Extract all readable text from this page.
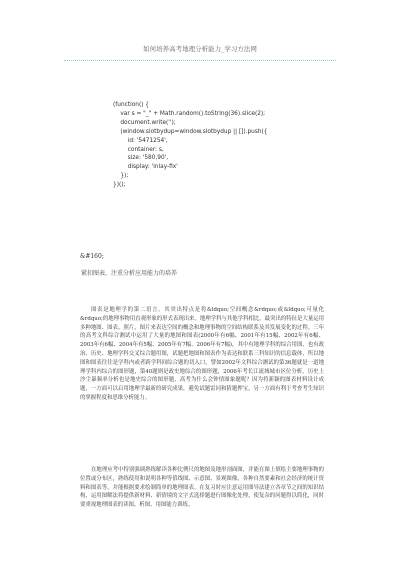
如何培养高考地理分析能力_学习方法网
(function() {
var s = "_" + Math.random().toString(36).slice(2);
document.write('');
(window.slotbydup=window.slotbydup || []).push({
id: '5471254',
container: s,
size: '580,90',
display: 'inlay-fix'
});
})();
&#160;
紧扣图表，注重分析应用能力的培养
图表是地理学的第二语言，其突出特点是将&ldquo;空间概念&rdquo;或&ldquo;可量化&rdquo;的地理事物用直观形象的形式表现出来。地理学科与其他学科相比，最突出的特征是大量运用多种地图、图表、照片，图片来表达空间的概念和地理事物的空间结构联系及其发展变化的过程。三年的高考文科综合测试中运用了大量的地图和图表(2000年有6幅、2001年有15幅、2002年有6幅、2003年有6幅、2004年有5幅、2005年有7幅、2006年有7幅)，其中有地理学科的综合用图，也有政治、历史、地理学科交叉综合题用图，试题把地图和图表作为表达和联系三科知识的信息载体，所以地图和图表往往是学科内或者跨学科间综合题的切入口，譬如2002年文科综合测试的第36题就是一道地理学科内综合的图形题，第40题则是政史地综合的图形题，2006年考长江流域城市区位分析，历史上沙尘暴频率分析也是地史综合的图形题，高考为什么会钟情图象题呢？因为将新颖的图表材料设计成题，一方面可以启用地理学最新的研究成果，避免试题雷同和猜题押宝，另一方面有利于考查考生知识的掌握程度和思维分析能力。
在地理应考中特别强调熟练解读各种比例尺的地图及地形剖面图，并能在图上填绘主要地理事物的位置或分布区，熟练使用和说明各种等值线图、示意图、景观图像，各种自然要素和社会经济的统计资料和图表等，并能根据要求绘制简单的地理图表。在复习时应注意运用图导法建立各章节之间的知识结构，运用图解法将提供新材料、新情境的文字式选择题进行图像化处理，使复杂的问题得以简化，同时要重视地理图表的读图、析图、用图能力训练。
